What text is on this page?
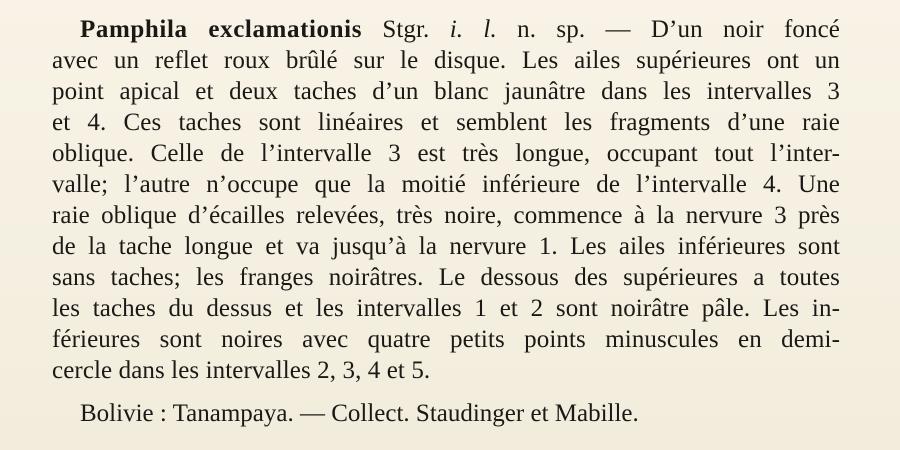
Pamphila exclamationis Stgr. i. l. n. sp. — D’un noir foncé
avec un reflet roux brûlé sur le disque. Les ailes supérieures ont un
point apical et deux taches d’un blanc jaunâtre dans les intervalles 3
et 4. Ces taches sont linéaires et semblent les fragments d’une raie
oblique. Celle de l’intervalle 3 est très longue, occupant tout l’inter-
valle; l’autre n’occupe que la moitié inférieure de l’intervalle 4. Une
raie oblique d’écailles relevées, très noire, commence à la nervure 3 près
de la tache longue et va jusqu’à la nervure 1. Les ailes inférieures sont
sans taches; les franges noirâtres. Le dessous des supérieures a toutes
les taches du dessus et les intervalles 1 et 2 sont noirâtre pâle. Les in-
férieures sont noires avec quatre petits points minuscules en demi-
cercle dans les intervalles 2, 3, 4 et 5.
Bolivie : Tanampaya. — Collect. Staudinger et Mabille.
